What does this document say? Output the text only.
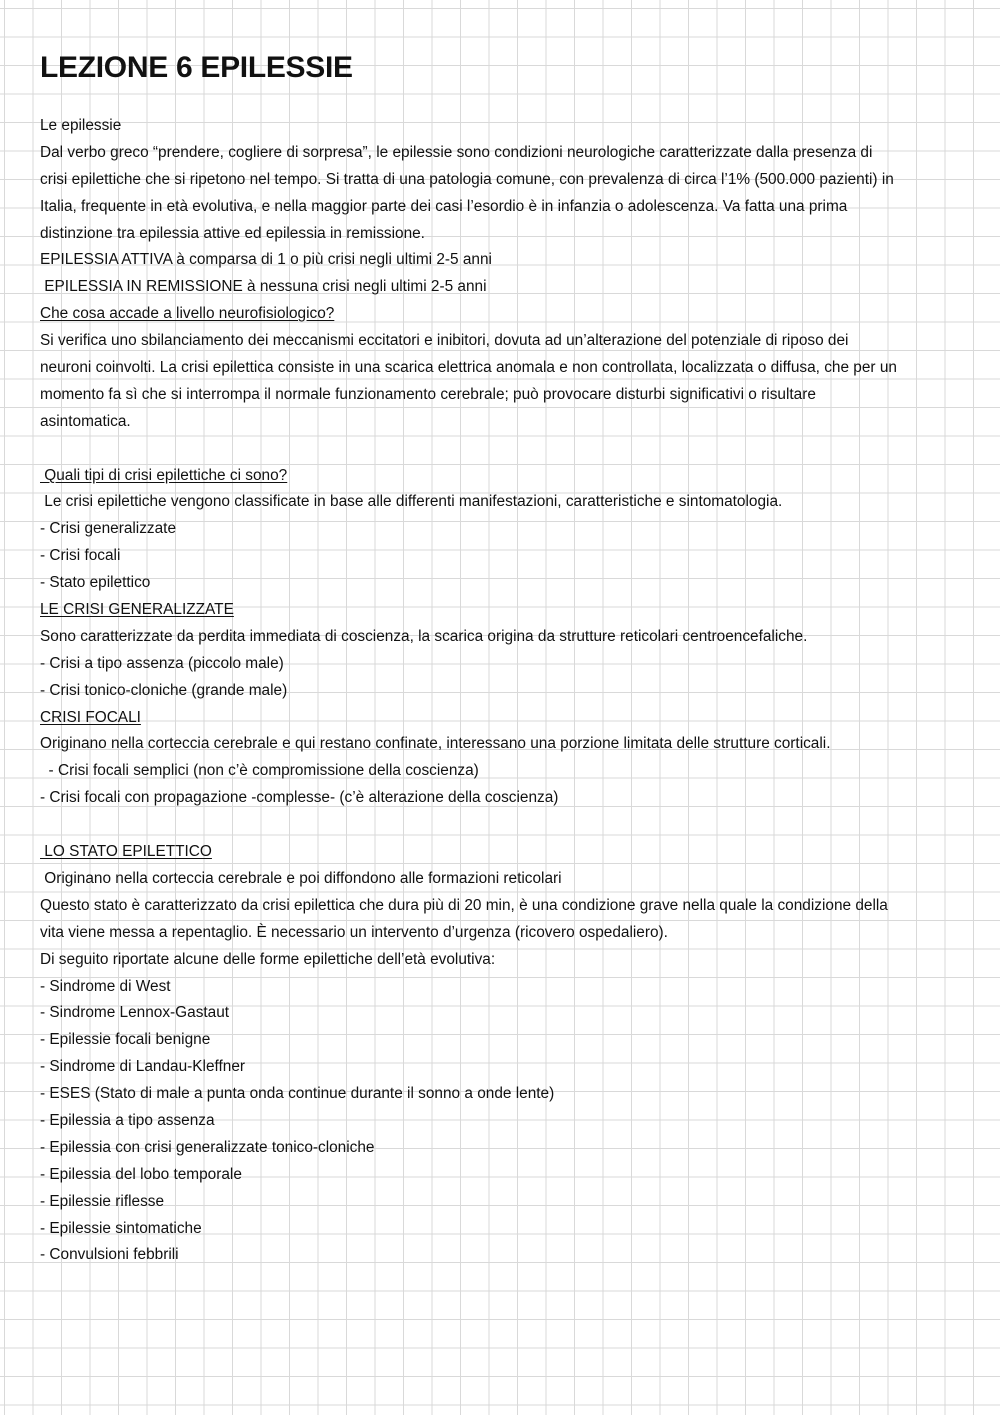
LEZIONE 6 EPILESSIE
Le epilessie
Dal verbo greco “prendere, cogliere di sorpresa”, le epilessie sono condizioni neurologiche caratterizzate dalla presenza di
crisi epilettiche che si ripetono nel tempo. Si tratta di una patologia comune, con prevalenza di circa l’1% (500.000 pazienti) in
Italia, frequente in età evolutiva, e nella maggior parte dei casi l’esordio è in infanzia o adolescenza. Va fatta una prima
distinzione tra epilessia attive ed epilessia in remissione.
EPILESSIA ATTIVA à comparsa di 1 o più crisi negli ultimi 2-5 anni
EPILESSIA IN REMISSIONE à nessuna crisi negli ultimi 2-5 anni
Che cosa accade a livello neurofisiologico?
Si verifica uno sbilanciamento dei meccanismi eccitatori e inibitori, dovuta ad un’alterazione del potenziale di riposo dei
neuroni coinvolti. La crisi epilettica consiste in una scarica elettrica anomala e non controllata, localizzata o diffusa, che per un
momento fa sì che si interrompa il normale funzionamento cerebrale; può provocare disturbi significativi o risultare
asintomatica.
Quali tipi di crisi epilettiche ci sono?
Le crisi epilettiche vengono classificate in base alle differenti manifestazioni, caratteristiche e sintomatologia.
- Crisi generalizzate
- Crisi focali
- Stato epilettico
LE CRISI GENERALIZZATE
Sono caratterizzate da perdita immediata di coscienza, la scarica origina da strutture reticolari centroencefaliche.
- Crisi a tipo assenza (piccolo male)
- Crisi tonico-cloniche (grande male)
CRISI FOCALI
Originano nella corteccia cerebrale e qui restano confinate, interessano una porzione limitata delle strutture corticali.
- Crisi focali semplici (non c’è compromissione della coscienza)
- Crisi focali con propagazione -complesse- (c’è alterazione della coscienza)
LO STATO EPILETTICO
Originano nella corteccia cerebrale e poi diffondono alle formazioni reticolari
Questo stato è caratterizzato da crisi epilettica che dura più di 20 min, è una condizione grave nella quale la condizione della
vita viene messa a repentaglio. È necessario un intervento d’urgenza (ricovero ospedaliero).
Di seguito riportate alcune delle forme epilettiche dell’età evolutiva:
- Sindrome di West
- Sindrome Lennox-Gastaut
- Epilessie focali benigne
- Sindrome di Landau-Kleffner
- ESES (Stato di male a punta onda continue durante il sonno a onde lente)
- Epilessia a tipo assenza
- Epilessia con crisi generalizzate tonico-cloniche
- Epilessia del lobo temporale
- Epilessie riflesse
- Epilessie sintomatiche
- Convulsioni febbrili
